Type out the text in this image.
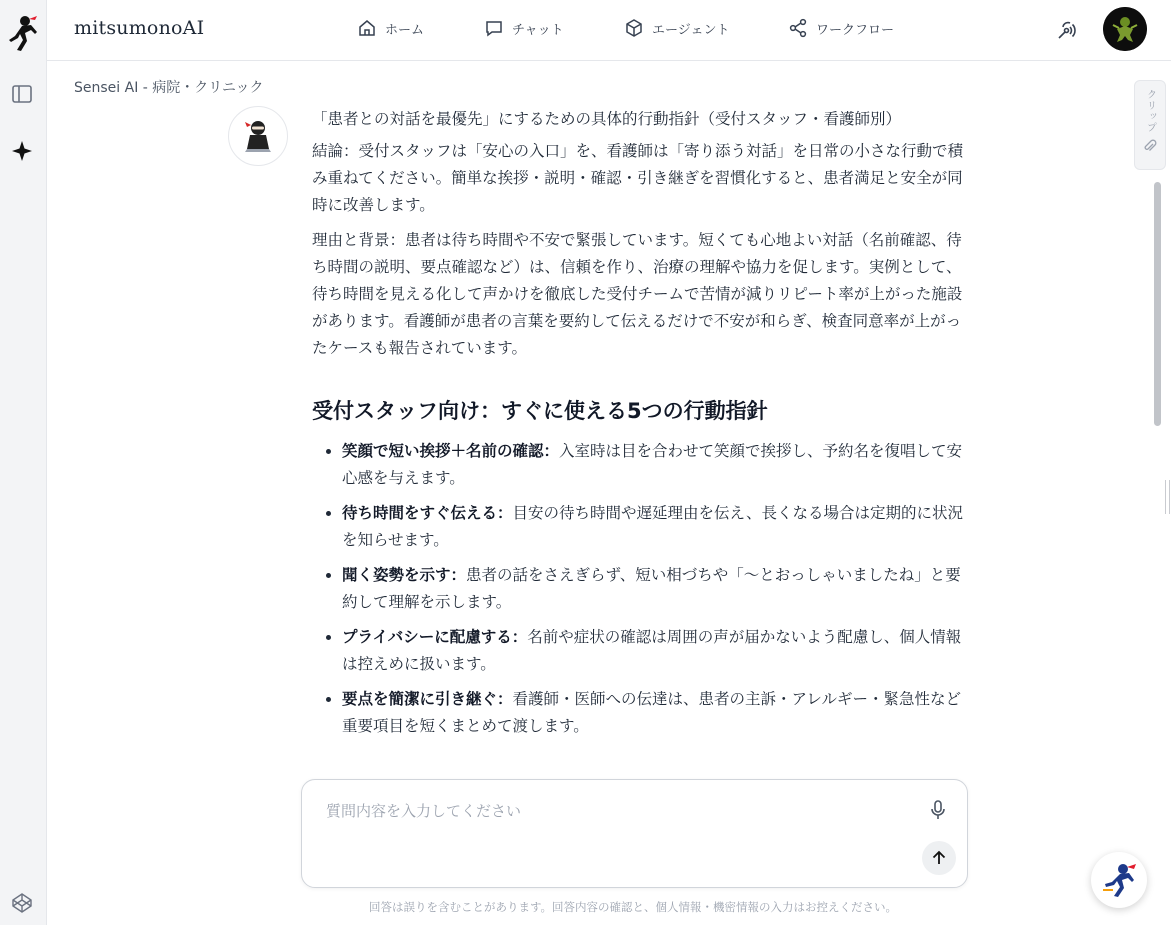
mitsumonoAI	ホーム	チャット	エージェント	ワークフロー
Sensei AI - 病院・クリニック
クリップ

「患者との対話を最優先」にするための具体的行動指針（受付スタッフ・看護師別）

結論：受付スタッフは「安心の入口」を、看護師は「寄り添う対話」を日常の小さな行動で積み重ねてください。簡単な挨拶・説明・確認・引き継ぎを習慣化すると、患者満足と安全が同時に改善します。

理由と背景：患者は待ち時間や不安で緊張しています。短くても心地よい対話（名前確認、待ち時間の説明、要点確認など）は、信頼を作り、治療の理解や協力を促します。実例として、待ち時間を見える化して声かけを徹底した受付チームで苦情が減りリピート率が上がった施設があります。看護師が患者の言葉を要約して伝えるだけで不安が和らぎ、検査同意率が上がったケースも報告されています。

受付スタッフ向け：すぐに使える5つの行動指針
• 笑顔で短い挨拶＋名前の確認：入室時は目を合わせて笑顔で挨拶し、予約名を復唱して安心感を与えます。
• 待ち時間をすぐ伝える：目安の待ち時間や遅延理由を伝え、長くなる場合は定期的に状況を知らせます。
• 聞く姿勢を示す：患者の話をさえぎらず、短い相づちや「〜とおっしゃいましたね」と要約して理解を示します。
• プライバシーに配慮する：名前や症状の確認は周囲の声が届かないよう配慮し、個人情報は控えめに扱います。
• 要点を簡潔に引き継ぐ：看護師・医師への伝達は、患者の主訴・アレルギー・緊急性など重要項目を短くまとめて渡します。
質問内容を入力してください
回答は誤りを含むことがあります。回答内容の確認と、個人情報・機密情報の入力はお控えください。
